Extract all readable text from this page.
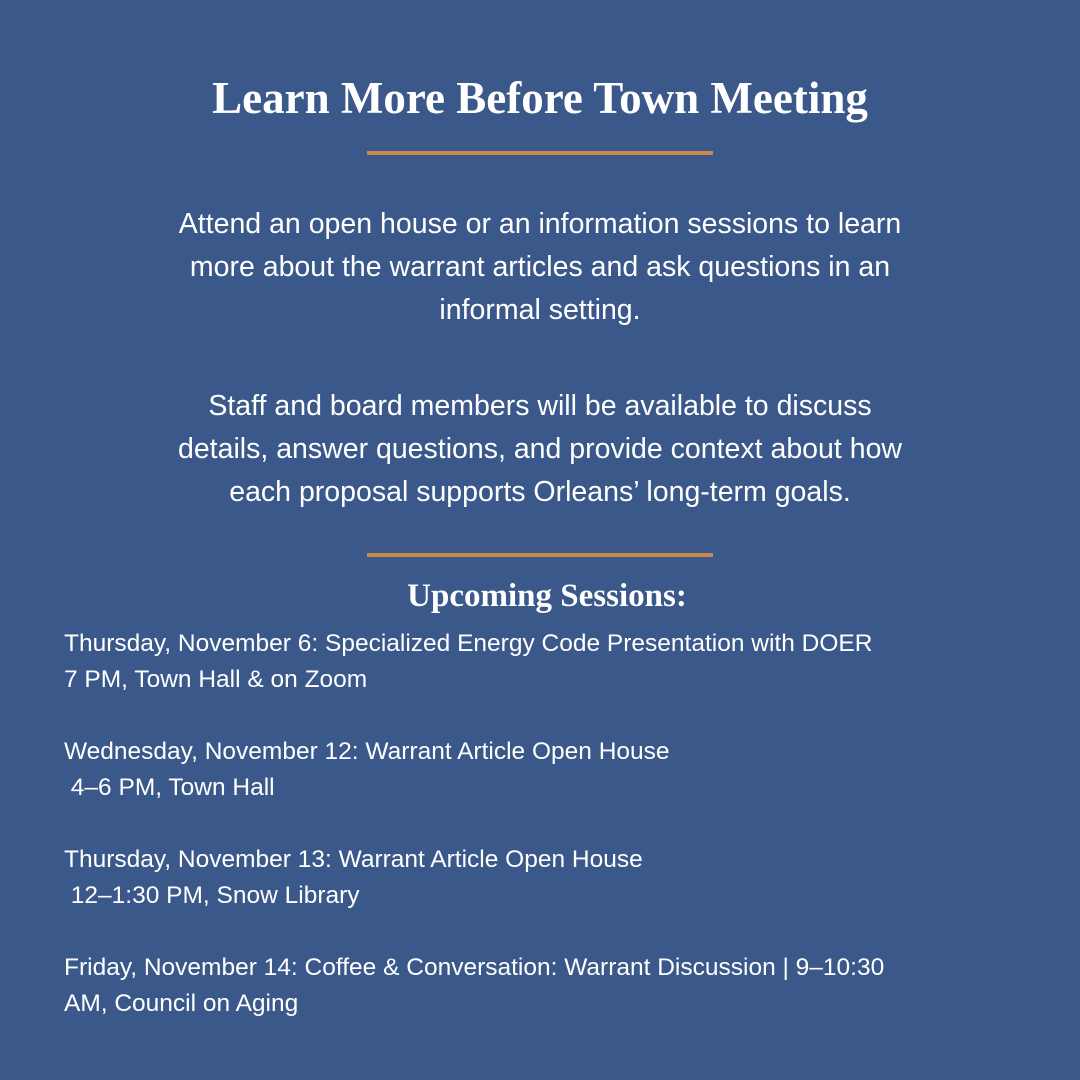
Learn More Before Town Meeting
Attend an open house or an information sessions to learn
more about the warrant articles and ask questions in an
informal setting.
Staff and board members will be available to discuss
details, answer questions, and provide context about how
each proposal supports Orleans’ long-term goals.
Upcoming Sessions:
Thursday, November 6: Specialized Energy Code Presentation with DOER
7 PM, Town Hall & on Zoom
Wednesday, November 12: Warrant Article Open House
4–6 PM, Town Hall
Thursday, November 13: Warrant Article Open House
12–1:30 PM, Snow Library
Friday, November 14: Coffee & Conversation: Warrant Discussion | 9–10:30
AM, Council on Aging
